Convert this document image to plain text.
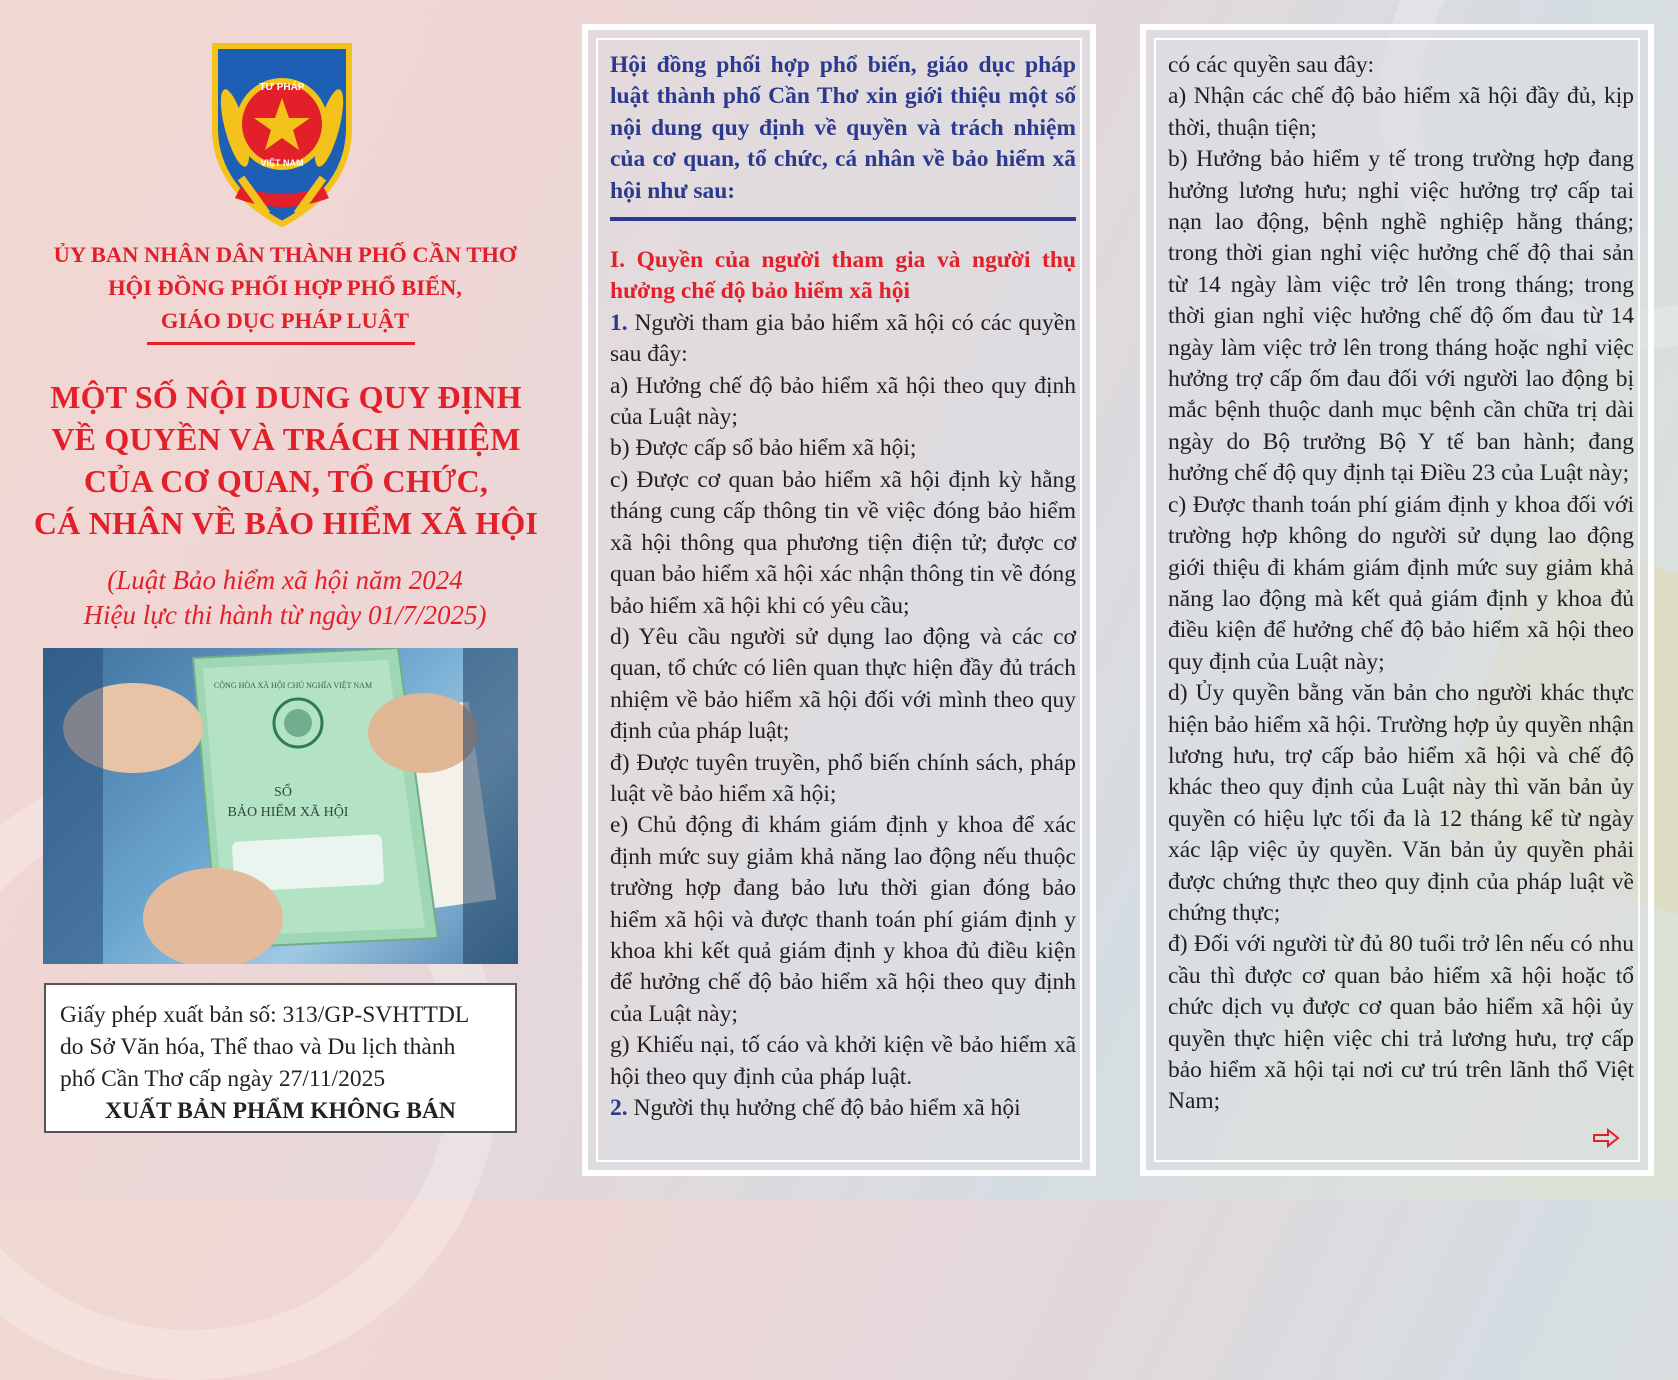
TƯ PHÁP
VIỆT NAM
ỦY BAN NHÂN DÂN THÀNH PHỐ CẦN THƠ
HỘI ĐỒNG PHỐI HỢP PHỔ BIẾN,
GIÁO DỤC PHÁP LUẬT
MỘT SỐ NỘI DUNG QUY ĐỊNH
VỀ QUYỀN VÀ TRÁCH NHIỆM
CỦA CƠ QUAN, TỔ CHỨC,
CÁ NHÂN VỀ BẢO HIỂM XÃ HỘI
(Luật Bảo hiểm xã hội năm 2024
Hiệu lực thi hành từ ngày 01/7/2025)
CỘNG HÒA XÃ HỘI CHỦ NGHĨA VIỆT NAM
SỔ
BẢO HIỂM XÃ HỘI
Giấy phép xuất bản số: 313/GP-SVHTTDL
do Sở Văn hóa, Thể thao và Du lịch thành
phố Cần Thơ cấp ngày 27/11/2025
XUẤT BẢN PHẨM KHÔNG BÁN

Hội đồng phối hợp phổ biến, giáo dục pháp luật thành phố Cần Thơ xin giới thiệu một số nội dung quy định về quyền và trách nhiệm của cơ quan, tổ chức, cá nhân về bảo hiểm xã hội như sau:

I. Quyền của người tham gia và người thụ hưởng chế độ bảo hiểm xã hội

1. Người tham gia bảo hiểm xã hội có các quyền sau đây:

a) Hưởng chế độ bảo hiểm xã hội theo quy định của Luật này;

b) Được cấp sổ bảo hiểm xã hội;

c) Được cơ quan bảo hiểm xã hội định kỳ hằng tháng cung cấp thông tin về việc đóng bảo hiểm xã hội thông qua phương tiện điện tử; được cơ quan bảo hiểm xã hội xác nhận thông tin về đóng bảo hiểm xã hội khi có yêu cầu;

d) Yêu cầu người sử dụng lao động và các cơ quan, tổ chức có liên quan thực hiện đầy đủ trách nhiệm về bảo hiểm xã hội đối với mình theo quy định của pháp luật;

đ) Được tuyên truyền, phổ biến chính sách, pháp luật về bảo hiểm xã hội;

e) Chủ động đi khám giám định y khoa để xác định mức suy giảm khả năng lao động nếu thuộc trường hợp đang bảo lưu thời gian đóng bảo hiểm xã hội và được thanh toán phí giám định y khoa khi kết quả giám định y khoa đủ điều kiện để hưởng chế độ bảo hiểm xã hội theo quy định của Luật này;

g) Khiếu nại, tố cáo và khởi kiện về bảo hiểm xã hội theo quy định của pháp luật.

2. Người thụ hưởng chế độ bảo hiểm xã hội

có các quyền sau đây:

a) Nhận các chế độ bảo hiểm xã hội đầy đủ, kịp thời, thuận tiện;

b) Hưởng bảo hiểm y tế trong trường hợp đang hưởng lương hưu; nghỉ việc hưởng trợ cấp tai nạn lao động, bệnh nghề nghiệp hằng tháng; trong thời gian nghỉ việc hưởng chế độ thai sản từ 14 ngày làm việc trở lên trong tháng; trong thời gian nghỉ việc hưởng chế độ ốm đau từ 14 ngày làm việc trở lên trong tháng hoặc nghỉ việc hưởng trợ cấp ốm đau đối với người lao động bị mắc bệnh thuộc danh mục bệnh cần chữa trị dài ngày do Bộ trưởng Bộ Y tế ban hành; đang hưởng chế độ quy định tại Điều 23 của Luật này;

c) Được thanh toán phí giám định y khoa đối với trường hợp không do người sử dụng lao động giới thiệu đi khám giám định mức suy giảm khả năng lao động mà kết quả giám định y khoa đủ điều kiện để hưởng chế độ bảo hiểm xã hội theo quy định của Luật này;

d) Ủy quyền bằng văn bản cho người khác thực hiện bảo hiểm xã hội. Trường hợp ủy quyền nhận lương hưu, trợ cấp bảo hiểm xã hội và chế độ khác theo quy định của Luật này thì văn bản ủy quyền có hiệu lực tối đa là 12 tháng kể từ ngày xác lập việc ủy quyền. Văn bản ủy quyền phải được chứng thực theo quy định của pháp luật về chứng thực;

đ) Đối với người từ đủ 80 tuổi trở lên nếu có nhu cầu thì được cơ quan bảo hiểm xã hội hoặc tổ chức dịch vụ được cơ quan bảo hiểm xã hội ủy quyền thực hiện việc chi trả lương hưu, trợ cấp bảo hiểm xã hội tại nơi cư trú trên lãnh thổ Việt Nam;
